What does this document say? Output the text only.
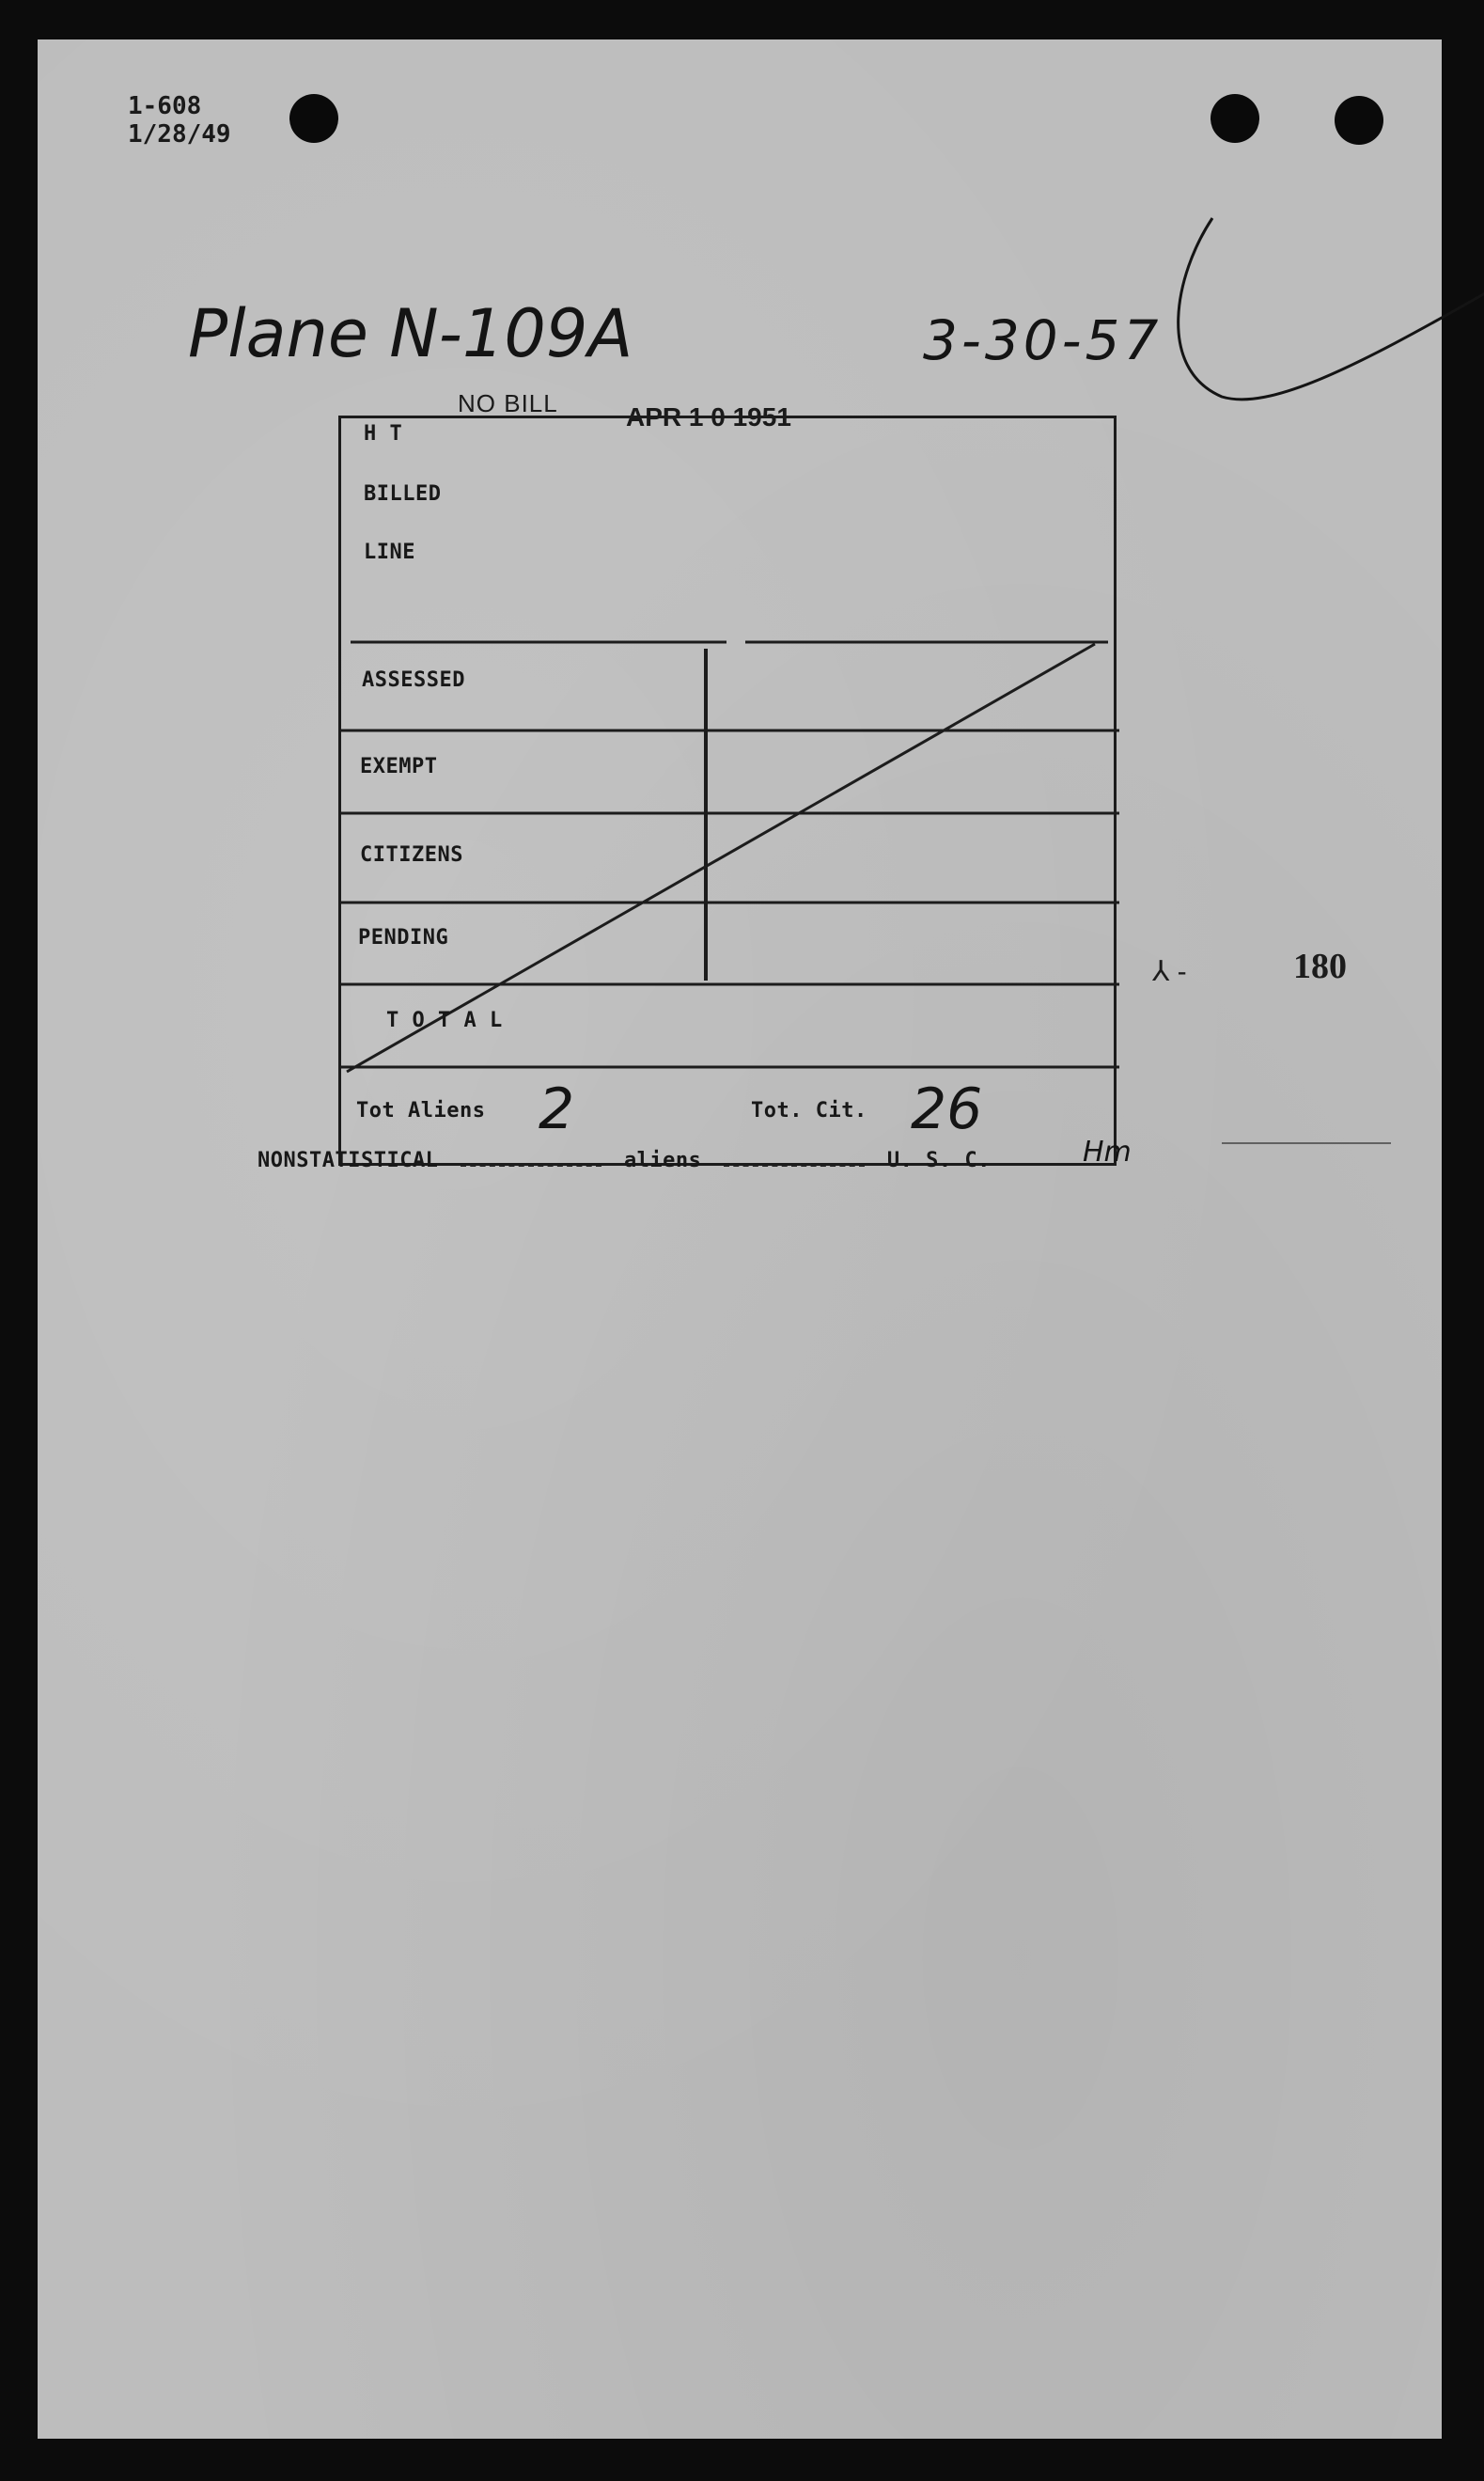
1-608
1/28/49
Plane N-109A	3-30-57
NO BILL	APR 1 0 1951
H T
BILLED
LINE
ASSESSED
EXEMPT
CITIZENS
PENDING
T O T A L
Tot Aliens 2	Tot. Cit. 26
Hm
⅄ -	180
NONSTATISTICAL	aliens	U. S. C.
